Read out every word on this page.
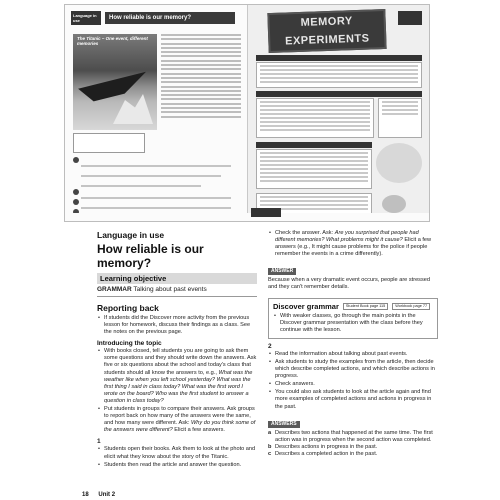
Language in use	How reliable is our memory?
The Titanic – One event, different memories
MEMORY EXPERIMENTS
Language in use
How reliable is our memory?
Learning objective
GRAMMAR Talking about past events
Reporting back
• If students did the Discover more activity from the previous lesson for homework, discuss their findings as a class. See the notes on the previous page.
Introducing the topic
• With books closed, tell students you are going to ask them some questions and they should write down the answers. Ask five or six questions about the school and today's class that students should all know the answers to, e.g., What was the weather like when you left school yesterday? What was the first thing I said in class today? What was the first word I wrote on the board? Who was the first student to answer a question in class today?
• Put students in groups to compare their answers. Ask groups to report back on how many of the answers were the same, and how many were different. Ask: Why do you think some of the answers were different? Elicit a few answers.
1
• Students open their books. Ask them to look at the photo and elicit what they know about the story of the Titanic.
• Students then read the article and answer the question.
• Check the answer. Ask: Are you surprised that people had different memories? What problems might it cause? Elicit a few answers (e.g., It might cause problems for the police if people remember the events in a crime differently).
ANSWER
Because when a very dramatic event occurs, people are stressed and they can't remember details.
Discover grammar	Student Book page 115	Workbook page 77
• With weaker classes, go through the main points in the Discover grammar presentation with the class before they continue with the lesson.
2
• Read the information about talking about past events.
• Ask students to study the examples from the article, then decide which describe completed actions, and which describe actions in progress.
• Check answers.
• You could also ask students to look at the article again and find more examples of completed actions and actions in progress in the past.
ANSWERS
a Describes two actions that happened at the same time. The first action was in progress when the second action was completed.
b Describes actions in progress in the past.
c Describes a completed action in the past.
18 Unit 2
